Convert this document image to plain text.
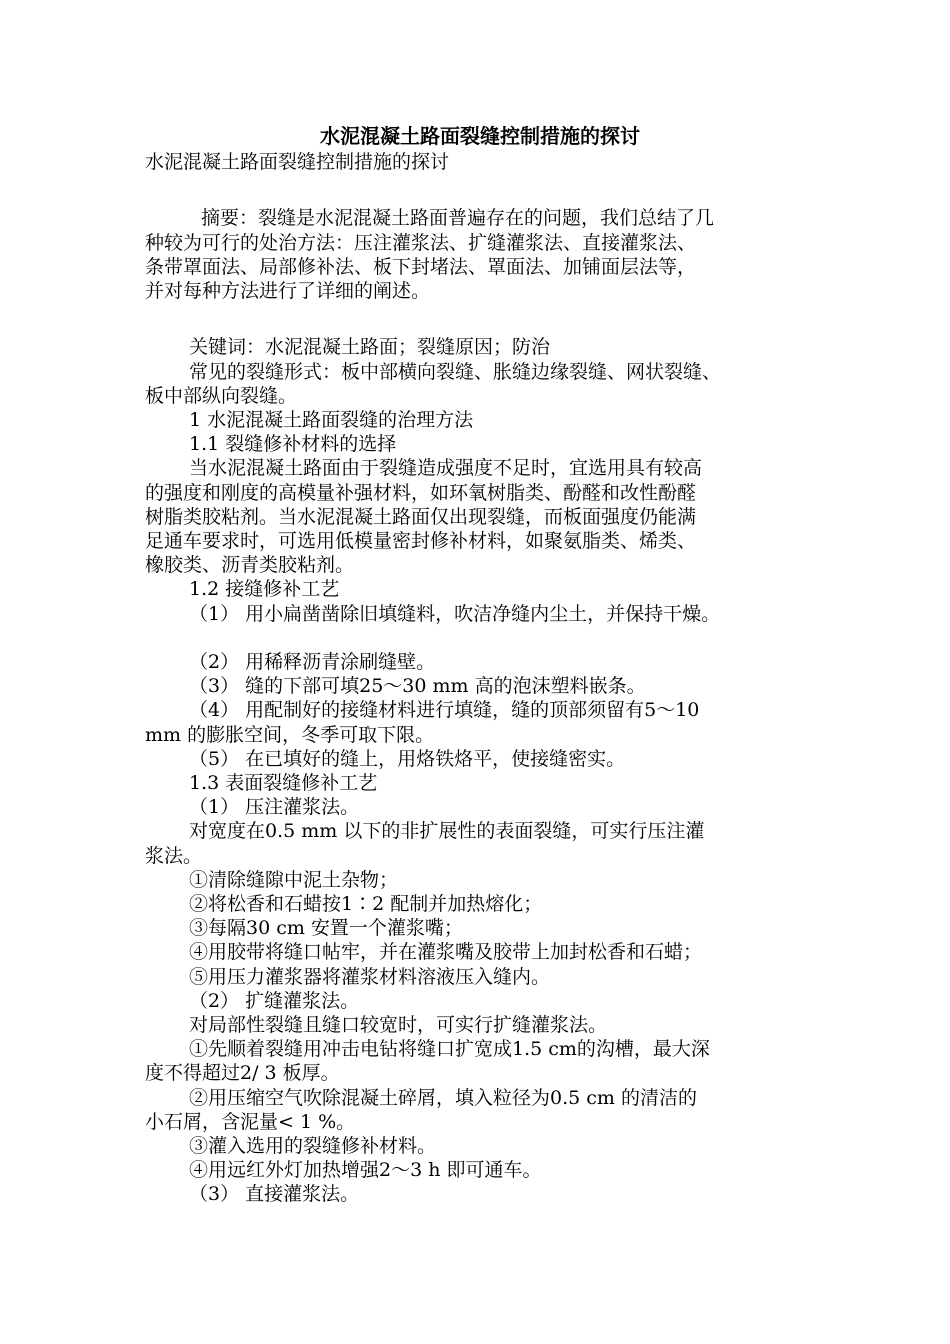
水泥混凝土路面裂缝控制措施的探讨

水泥混凝土路面裂缝控制措施的探讨

摘要：裂缝是水泥混凝土路面普遍存在的问题，我们总结了几

种较为可行的处治方法：压注灌浆法、扩缝灌浆法、直接灌浆法、

条带罩面法、局部修补法、板下封堵法、罩面法、加铺面层法等，

并对每种方法进行了详细的阐述。

关键词：水泥混凝土路面；裂缝原因；防治

常见的裂缝形式：板中部横向裂缝、胀缝边缘裂缝、网状裂缝、

板中部纵向裂缝。

1 水泥混凝土路面裂缝的治理方法

1.1 裂缝修补材料的选择

当水泥混凝土路面由于裂缝造成强度不足时，宜选用具有较高

的强度和刚度的高模量补强材料，如环氧树脂类、酚醛和改性酚醛

树脂类胶粘剂。当水泥混凝土路面仅出现裂缝，而板面强度仍能满

足通车要求时，可选用低模量密封修补材料，如聚氨脂类、烯类、

橡胶类、沥青类胶粘剂。

1.2 接缝修补工艺

（1） 用小扁凿凿除旧填缝料，吹洁净缝内尘土，并保持干燥。

（2） 用稀释沥青涂刷缝壁。

（3） 缝的下部可填25～30 mm 高的泡沫塑料嵌条。

（4） 用配制好的接缝材料进行填缝，缝的顶部须留有5～10

mm 的膨胀空间，冬季可取下限。

（5） 在已填好的缝上，用烙铁烙平，使接缝密实。

1.3 表面裂缝修补工艺

（1） 压注灌浆法。

对宽度在0.5 mm 以下的非扩展性的表面裂缝，可实行压注灌

浆法。

①清除缝隙中泥土杂物；

②将松香和石蜡按1∶2 配制并加热熔化；

③每隔30 cm 安置一个灌浆嘴；

④用胶带将缝口帖牢，并在灌浆嘴及胶带上加封松香和石蜡；

⑤用压力灌浆器将灌浆材料溶液压入缝内。

（2） 扩缝灌浆法。

对局部性裂缝且缝口较宽时，可实行扩缝灌浆法。

①先顺着裂缝用冲击电钻将缝口扩宽成1.5 cm的沟槽，最大深

度不得超过2/ 3 板厚。

②用压缩空气吹除混凝土碎屑，填入粒径为0.5 cm 的清洁的

小石屑，含泥量< 1 %。

③灌入选用的裂缝修补材料。

④用远红外灯加热增强2～3 h 即可通车。

（3） 直接灌浆法。
